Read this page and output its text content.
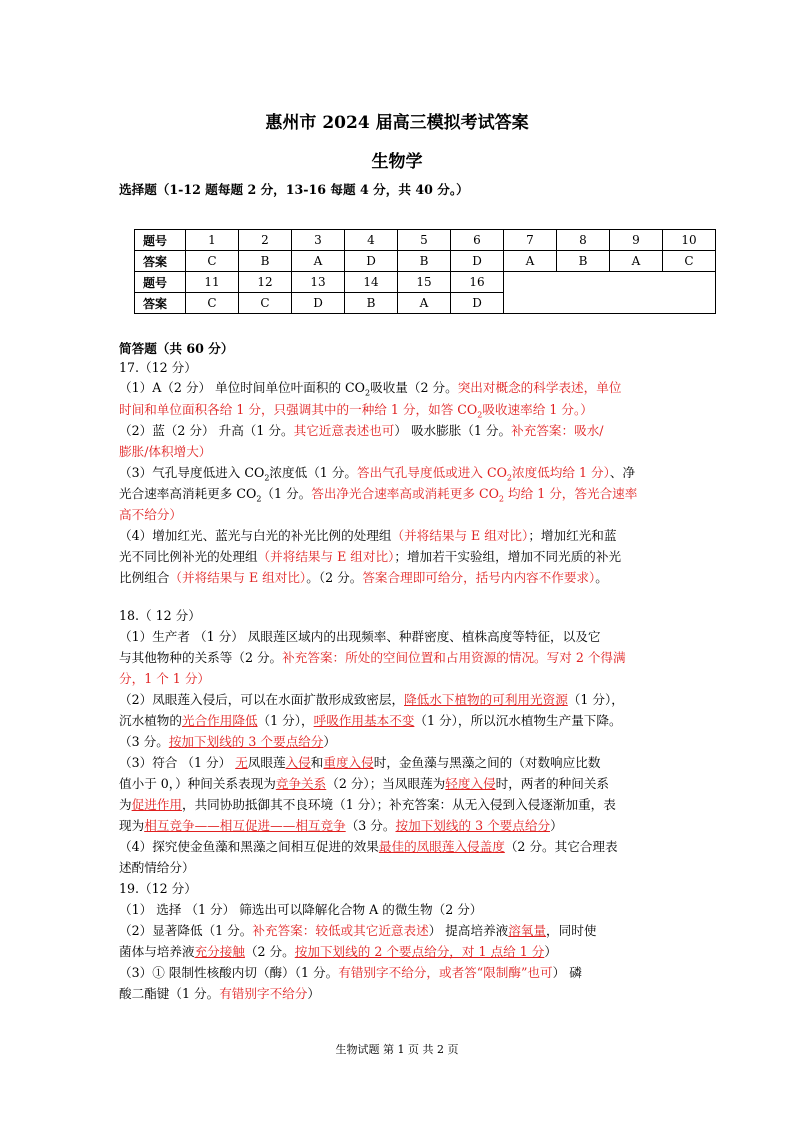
惠州市 2024 届高三模拟考试答案
生物学
选择题（1-12 题每题 2 分，13-16 每题 4 分，共 40 分。）
题号	1	2	3	4	5	6	7	8	9	10
答案	C	B	A	D	B	D	A	B	A	C
题号	11	12	13	14	15	16				
答案	C	C	D	B	A	D				
简答题（共 60 分）
17.（12 分）
（1）A（2 分） 单位时间单位叶面积的 $CO_2$吸收量（2 分。突出对概念的科学表述，单位
时间和单位面积各给 1 分，只强调其中的一种给 1 分，如答 $CO_2$吸收速率给 1 分。）
（2）蓝（2 分） 升高（1 分。其它近意表述也可） 吸水膨胀（1 分。补充答案：吸水/
膨胀/体积增大）
（3）气孔导度低进入 $CO_2$浓度低（1 分。答出气孔导度低或进入 $CO_2$浓度低均给 1 分）、净
光合速率高消耗更多 $CO_2(1$ 分。答出净光合速率高或消耗更多 $CO_2$ 均给 1 分，答光合速率
高不给分）
（4）增加红光、蓝光与白光的补光比例的处理组（并将结果与 E 组对比）；增加红光和蓝
光不同比例补光的处理组（并将结果与 E 组对比）；增加若干实验组，增加不同光质的补光
比例组合（并将结果与 E 组对比）。（2 分。答案合理即可给分，括号内内容不作要求）。
18.（ 12 分）
（1）生产者 （1 分） 凤眼莲区域内的出现频率、种群密度、植株高度等特征，以及它
与其他物种的关系等（2 分。补充答案：所处的空间位置和占用资源的情况。写对 2 个得满
分，1 个 1 分）
（2）凤眼莲入侵后，可以在水面扩散形成致密层，降低水下植物的可利用光资源（1 分），
沉水植物的光合作用降低（1 分），呼吸作用基本不变（1 分），所以沉水植物生产量下降。
（3 分。按加下划线的 3 个要点给分）
（3）符合 （1 分） 无凤眼莲入侵和重度入侵时，金鱼藻与黑藻之间的（对数响应比数
值小于 0，）种间关系表现为竞争关系（2 分）；当凤眼莲为轻度入侵时，两者的种间关系
为促进作用，共同协助抵御其不良环境（1 分）；补充答案：从无入侵到入侵逐渐加重，表
现为相互竞争——相互促进——相互竞争（3 分。按加下划线的 3 个要点给分）
（4）探究使金鱼藻和黑藻之间相互促进的效果最佳的凤眼莲入侵盖度（2 分。其它合理表
述酌情给分）
19.（12 分）
（1） 选择 （1 分） 筛选出可以降解化合物 A 的微生物（2 分）
（2）显著降低（1 分。补充答案：较低或其它近意表述） 提高培养液溶氧量，同时使
菌体与培养液充分接触（2 分。按加下划线的 2 个要点给分，对 1 点给 1 分）
（3）① 限制性核酸内切（酶）（1 分。有错别字不给分，或者答“限制酶”也可） 磷
酸二酯键（1 分。有错别字不给分）
生物试题 第 1 页 共 2 页
